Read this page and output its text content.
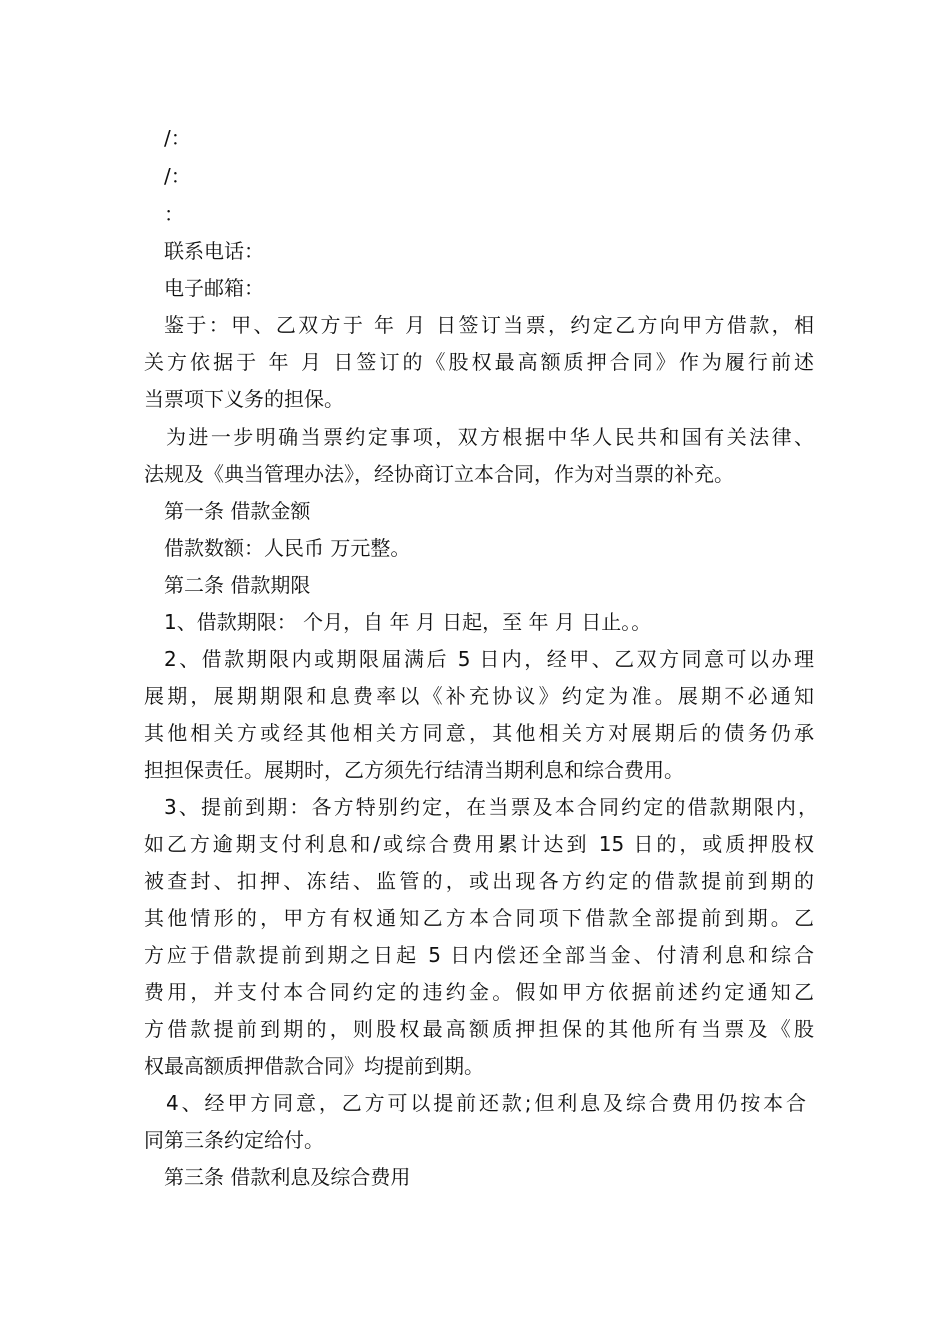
/：
/：
：
联系电话：
电子邮箱：
鉴于：甲、乙双方于 年 月 日签订当票，约定乙方向甲方借款，相
关方依据于 年 月 日签订的《股权最高额质押合同》作为履行前述
当票项下义务的担保。
为进一步明确当票约定事项，双方根据中华人民共和国有关法律、
法规及《典当管理办法》，经协商订立本合同，作为对当票的补充。
第一条 借款金额
借款数额：人民币 万元整。
第二条 借款期限
1、借款期限： 个月，自 年 月 日起，至 年 月 日止。。
2、借款期限内或期限届满后 5 日内，经甲、乙双方同意可以办理
展期，展期期限和息费率以《补充协议》约定为准。展期不必通知
其他相关方或经其他相关方同意，其他相关方对展期后的债务仍承
担担保责任。展期时，乙方须先行结清当期利息和综合费用。
3、提前到期：各方特别约定，在当票及本合同约定的借款期限内，
如乙方逾期支付利息和/或综合费用累计达到 15 日的，或质押股权
被查封、扣押、冻结、监管的，或出现各方约定的借款提前到期的
其他情形的，甲方有权通知乙方本合同项下借款全部提前到期。乙
方应于借款提前到期之日起 5 日内偿还全部当金、付清利息和综合
费用，并支付本合同约定的违约金。假如甲方依据前述约定通知乙
方借款提前到期的，则股权最高额质押担保的其他所有当票及《股
权最高额质押借款合同》均提前到期。
4、经甲方同意，乙方可以提前还款;但利息及综合费用仍按本合
同第三条约定给付。
第三条 借款利息及综合费用
